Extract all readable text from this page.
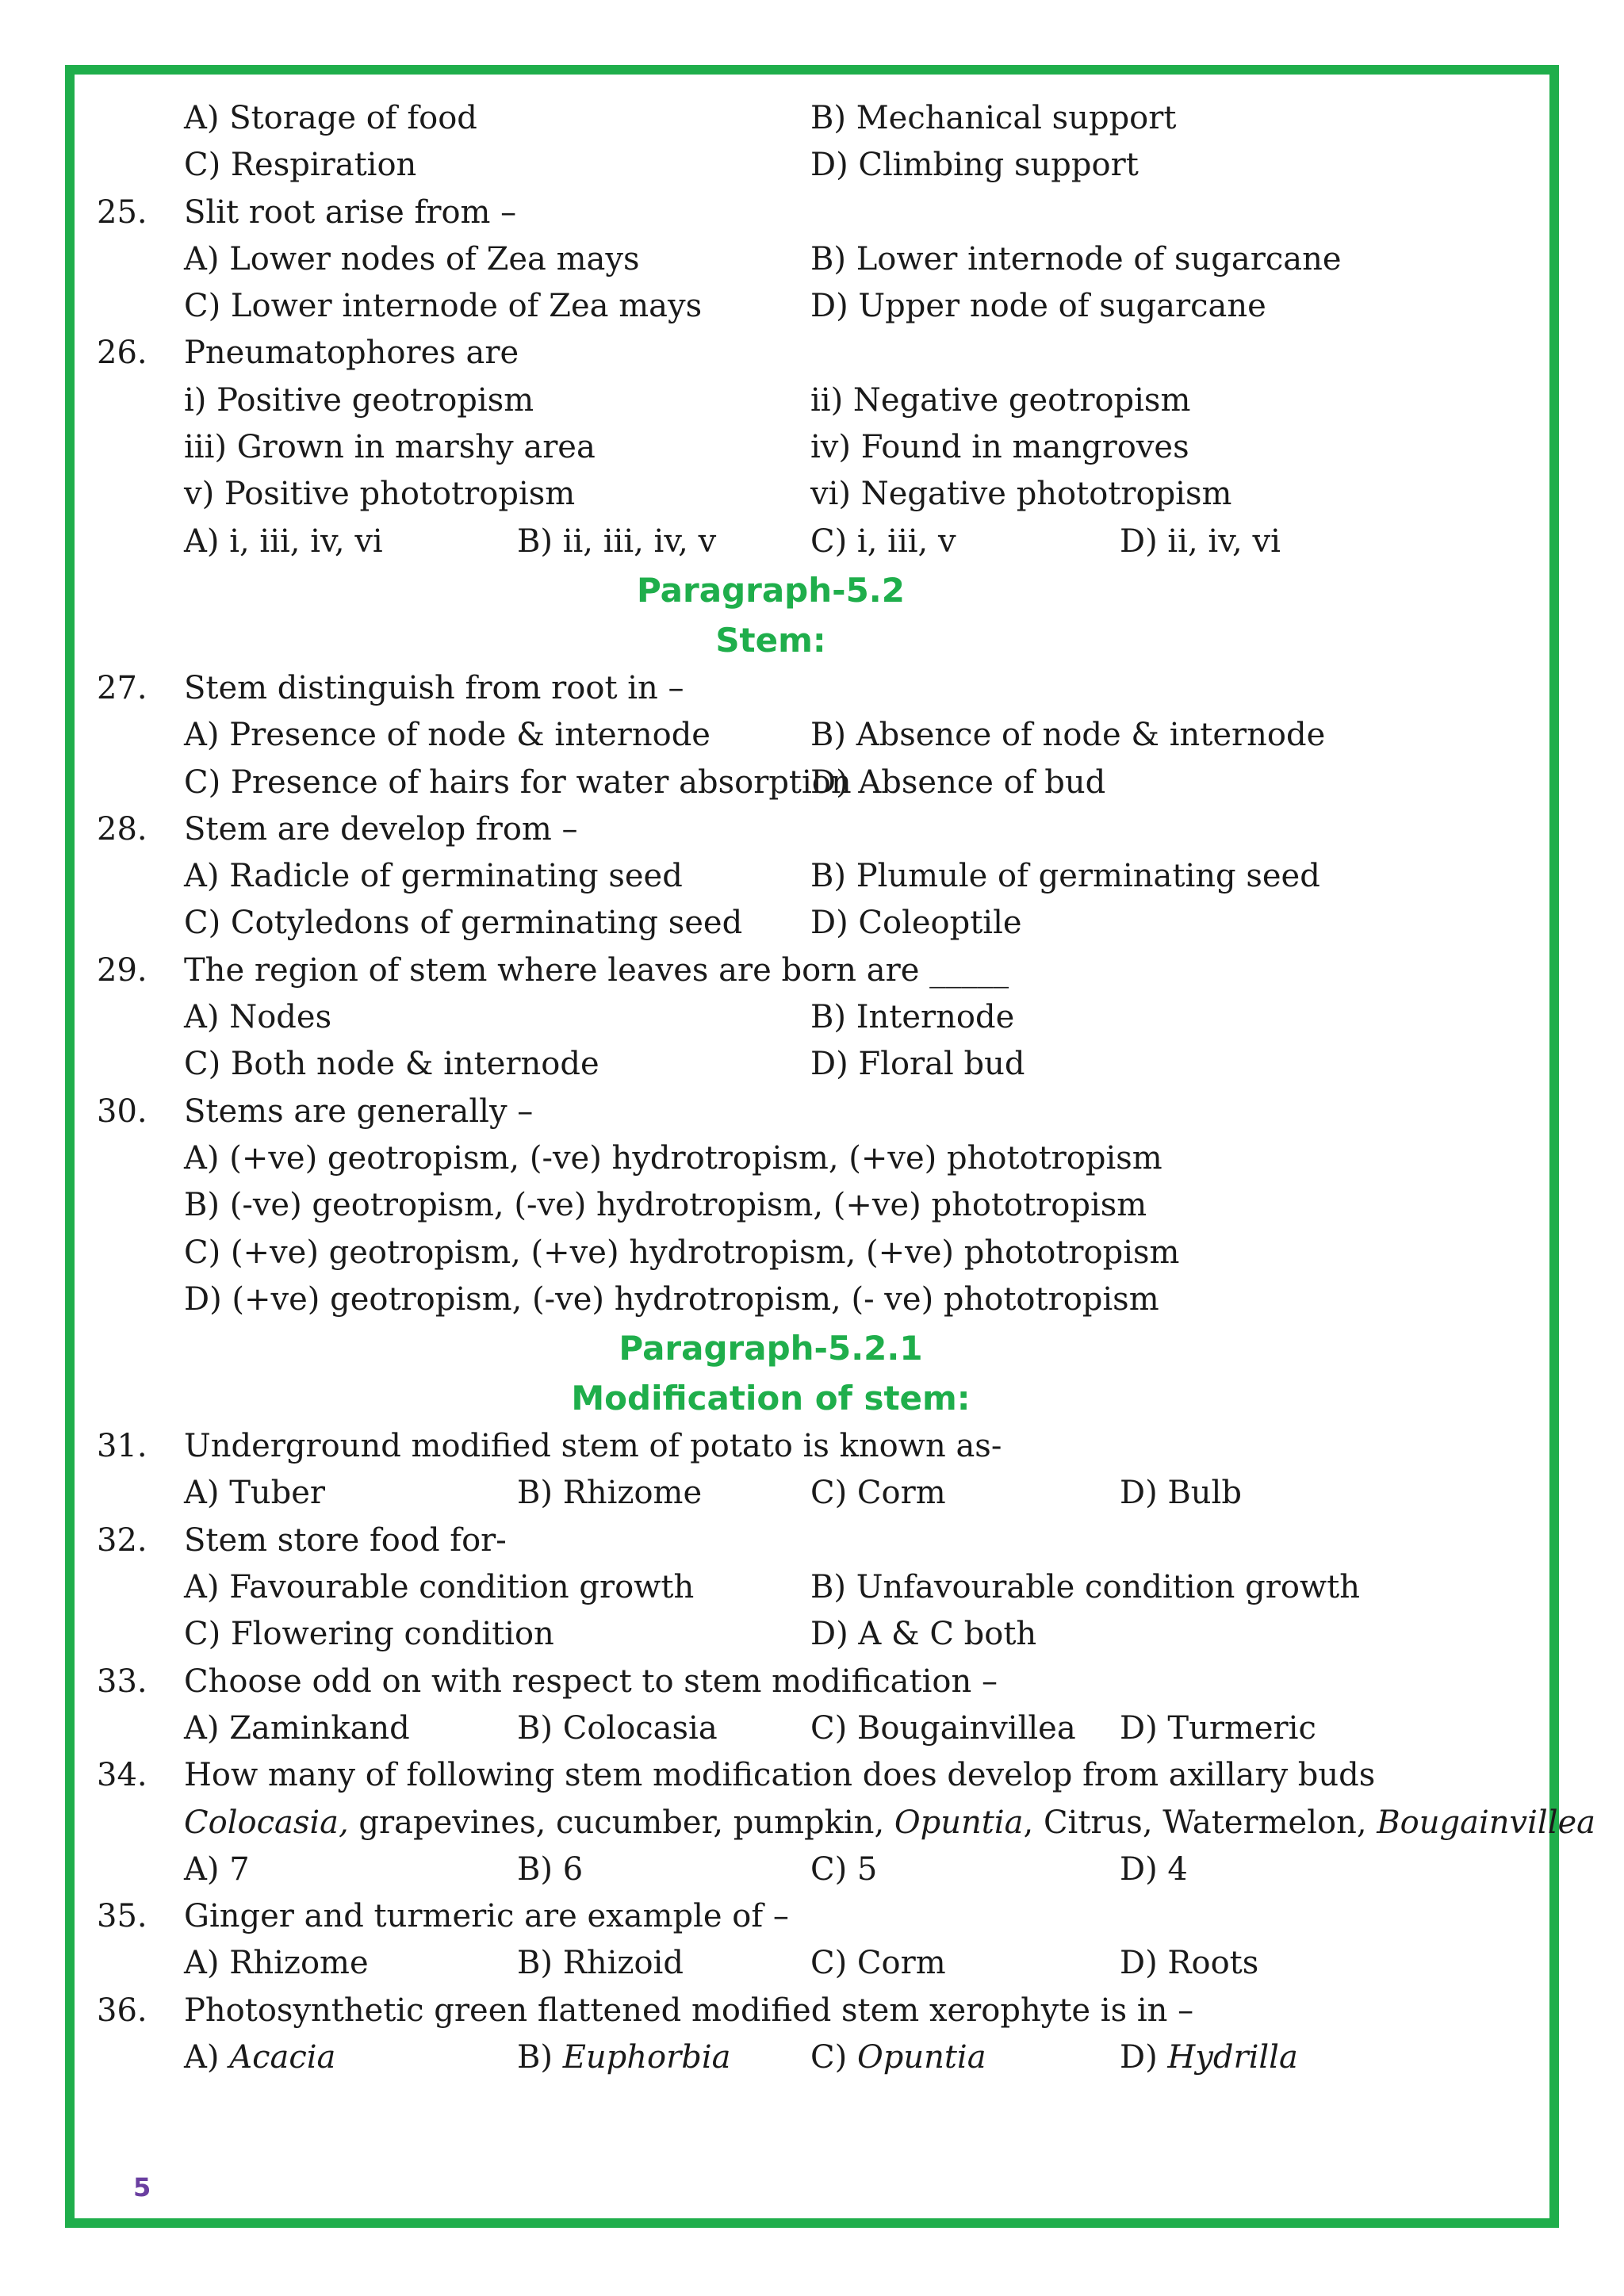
A) Storage of food	B) Mechanical support
C) Respiration	D) Climbing support
25. Slit root arise from –
A) Lower nodes of Zea mays	B) Lower internode of sugarcane
C) Lower internode of Zea mays	D) Upper node of sugarcane
26. Pneumatophores are
i) Positive geotropism	ii) Negative geotropism
iii) Grown in marshy area	iv) Found in mangroves
v) Positive phototropism	vi) Negative phototropism
A) i, iii, iv, vi	B) ii, iii, iv, v	C) i, iii, v	D) ii, iv, vi
Paragraph-5.2
Stem:
27. Stem distinguish from root in –
A) Presence of node & internode	B) Absence of node & internode
C) Presence of hairs for water absorption
D) Absence of bud
28. Stem are develop from –
A) Radicle of germinating seed	B) Plumule of germinating seed
C) Cotyledons of germinating seed D) Coleoptile
29. The region of stem where leaves are born are _____
A) Nodes	B) Internode
C) Both node & internode	D) Floral bud
30. Stems are generally –
A) (+ve) geotropism, (-ve) hydrotropism, (+ve) phototropism
B) (-ve) geotropism, (-ve) hydrotropism, (+ve) phototropism
C) (+ve) geotropism, (+ve) hydrotropism, (+ve) phototropism
D) (+ve) geotropism, (-ve) hydrotropism, (- ve) phototropism
Paragraph-5.2.1
Modification of stem:
31. Underground modified stem of potato is known as-
A) Tuber	B) Rhizome	C) Corm	D) Bulb
32. Stem store food for-
A) Favourable condition growth	B) Unfavourable condition growth
C) Flowering condition	D) A & C both
33. Choose odd on with respect to stem modification –
A) Zaminkand	B) Colocasia	C) Bougainvillea D) Turmeric
34. How many of following stem modification does develop from axillary buds
Colocasia, grapevines, cucumber, pumpkin, Opuntia, Citrus, Watermelon, Bougainvillea
A) 7	B) 6	C) 5	D) 4
35. Ginger and turmeric are example of –
A) Rhizome	B) Rhizoid	C) Corm	D) Roots
36. Photosynthetic green flattened modified stem xerophyte is in –
A) Acacia	B) Euphorbia	C) Opuntia	D) Hydrilla
5
